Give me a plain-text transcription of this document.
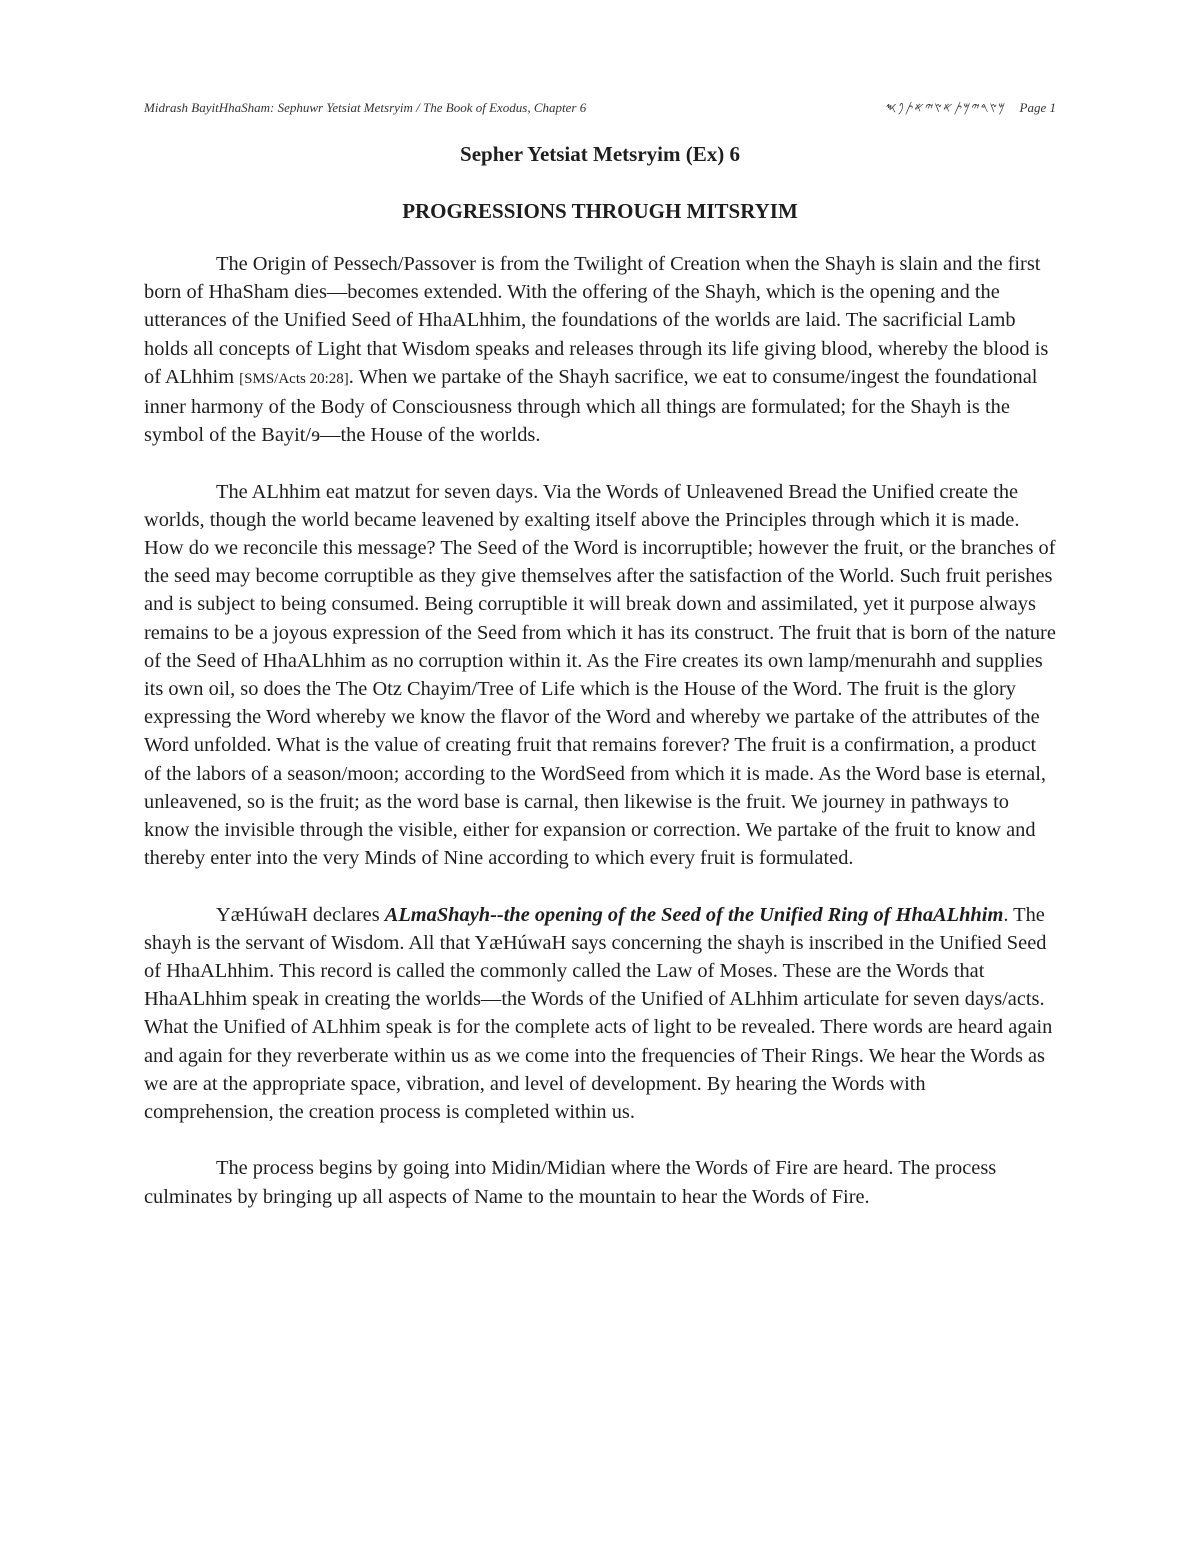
Midrash BayitHhaSham: Sephuwr Yetsiat Metsryim / The Book of Exodus, Chapter 6	𐤌𐤑𐤓𐤉𐤌𐤕𐤀𐤑𐤉𐤀𐤕𐤐𐤎 Page 1
Sepher Yetsiat Metsryim (Ex) 6
PROGRESSIONS THROUGH MITSRYIM

The Origin of Pessech/Passover is from the Twilight of Creation when the Shayh is slain and the first born of HhaSham dies—becomes extended. With the offering of the Shayh, which is the opening and the utterances of the Unified Seed of HhaALhhim, the foundations of the worlds are laid. The sacrificial Lamb holds all concepts of Light that Wisdom speaks and releases through its life giving blood, whereby the blood is of ALhhim [SMS/Acts 20:28]. When we partake of the Shayh sacrifice, we eat to consume/ingest the foundational inner harmony of the Body of Consciousness through which all things are formulated; for the Shayh is the symbol of the Bayit/ɘ—the House of the worlds.

The ALhhim eat matzut for seven days. Via the Words of Unleavened Bread the Unified create the worlds, though the world became leavened by exalting itself above the Principles through which it is made. How do we reconcile this message? The Seed of the Word is incorruptible; however the fruit, or the branches of the seed may become corruptible as they give themselves after the satisfaction of the World. Such fruit perishes and is subject to being consumed. Being corruptible it will break down and assimilated, yet it purpose always remains to be a joyous expression of the Seed from which it has its construct. The fruit that is born of the nature of the Seed of HhaALhhim as no corruption within it. As the Fire creates its own lamp/menurahh and supplies its own oil, so does the The Otz Chayim/Tree of Life which is the House of the Word. The fruit is the glory expressing the Word whereby we know the flavor of the Word and whereby we partake of the attributes of the Word unfolded. What is the value of creating fruit that remains forever? The fruit is a confirmation, a product of the labors of a season/moon; according to the WordSeed from which it is made. As the Word base is eternal, unleavened, so is the fruit; as the word base is carnal, then likewise is the fruit. We journey in pathways to know the invisible through the visible, either for expansion or correction. We partake of the fruit to know and thereby enter into the very Minds of Nine according to which every fruit is formulated.

YæHúwaH declares ALmaShayh--the opening of the Seed of the Unified Ring of HhaALhhim. The shayh is the servant of Wisdom. All that YæHúwaH says concerning the shayh is inscribed in the Unified Seed of HhaALhhim. This record is called the commonly called the Law of Moses. These are the Words that HhaALhhim speak in creating the worlds—the Words of the Unified of ALhhim articulate for seven days/acts. What the Unified of ALhhim speak is for the complete acts of light to be revealed. There words are heard again and again for they reverberate within us as we come into the frequencies of Their Rings. We hear the Words as we are at the appropriate space, vibration, and level of development. By hearing the Words with comprehension, the creation process is completed within us.

The process begins by going into Midin/Midian where the Words of Fire are heard. The process culminates by bringing up all aspects of Name to the mountain to hear the Words of Fire.
